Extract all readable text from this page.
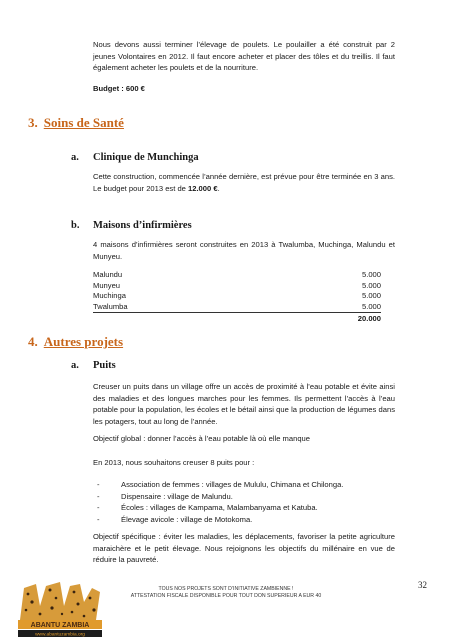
Nous devons aussi terminer l’élevage de poulets. Le poulailler a été construit par 2 jeunes Volontaires en 2012. Il faut encore acheter et placer des tôles et du treillis. Il faut également acheter les poulets et de la nourriture.

Budget : 600 €

3. Soins de Santé
a. Clinique de Munchinga

Cette construction, commencée l’année dernière, est prévue pour être terminée en 3 ans. Le budget pour 2013 est de 12.000 €.

b. Maisons d’infirmières

4 maisons d’infirmières seront construites en 2013 à Twalumba, Muchinga, Malundu et Munyeu.

Malundu	5.000
Munyeu	5.000
Muchinga	5.000
Twalumba	5.000
20.000
4. Autres projets
a. Puits

Creuser un puits dans un village offre un accès de proximité à l’eau potable et évite ainsi des maladies et des longues marches pour les femmes. Ils permettent l’accès à l’eau potable pour la population, les écoles et le bétail ainsi que la production de légumes dans les potagers, tout au long de l’année.

Objectif global : donner l’accès à l’eau potable là où elle manque

En 2013, nous souhaitons creuser 8 puits pour :

-	Association de femmes : villages de Mululu, Chimana et Chilonga.
-	Dispensaire : village de Malundu.
-	Écoles : villages de Kampama, Malambanyama et Katuba.
-	Élevage avicole : village de Motokoma.

Objectif spécifique : éviter les maladies, les déplacements, favoriser la petite agriculture maraichère et le petit élevage. Nous rejoignons les objectifs du millénaire en vue de réduire la pauvreté.

ABANTU ZAMBIA
www.abantuzambia.org
TOUS NOS PROJETS SONT D’INITIATIVE ZAMBIENNE !
ATTESTATION FISCALE DISPONIBLE POUR TOUT DON SUPERIEUR A EUR 40
32
